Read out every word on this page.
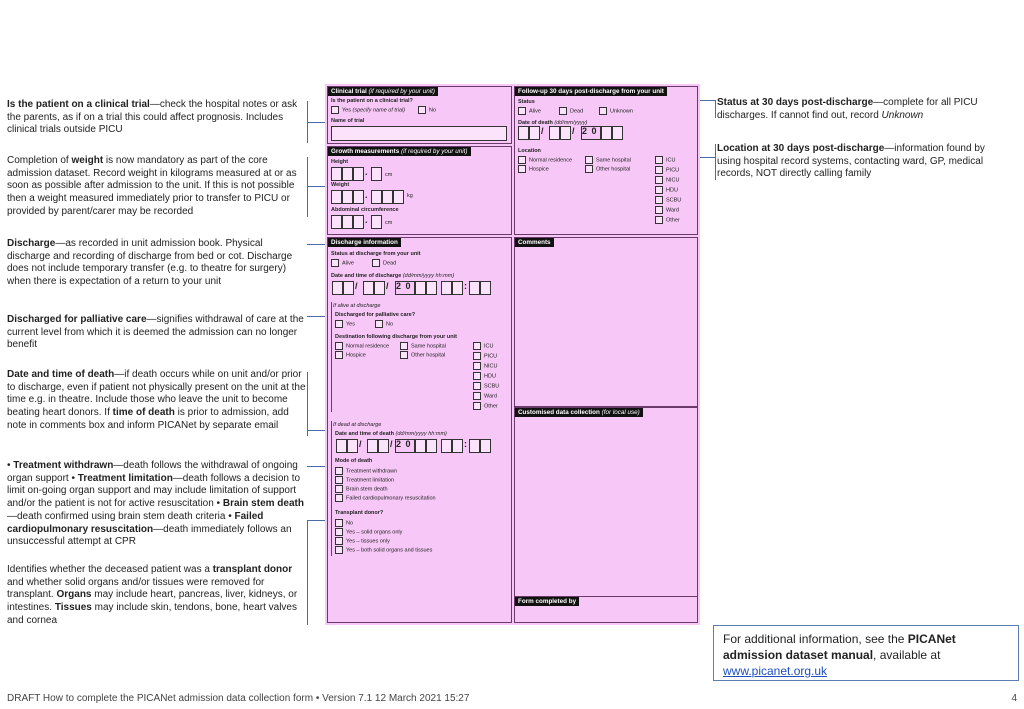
Is the patient on a clinical trial—check the hospital notes or ask the parents, as if on a trial this could affect prognosis. Includes clinical trials outside PICU
Completion of weight is now mandatory as part of the core admission dataset. Record weight in kilograms measured at or as soon as possible after admission to the unit. If this is not possible then a weight measured immediately prior to transfer to PICU or provided by parent/carer may be recorded
Discharge—as recorded in unit admission book. Physical discharge and recording of discharge from bed or cot. Discharge does not include temporary transfer (e.g. to theatre for surgery) when there is expectation of a return to your unit
Discharged for palliative care—signifies withdrawal of care at the current level from which it is deemed the admission can no longer benefit
Date and time of death—if death occurs while on unit and/or prior to discharge, even if patient not physically present on the unit at the time e.g. in theatre. Include those who leave the unit to become beating heart donors. If time of death is prior to admission, add note in comments box and inform PICANet by separate email
• Treatment withdrawn—death follows the withdrawal of ongoing organ support • Treatment limitation—death follows a decision to limit on-going organ support and may include limitation of support and/or the patient is not for active resuscitation • Brain stem death—death confirmed using brain stem death criteria • Failed cardiopulmonary resuscitation—death immediately follows an unsuccessful attempt at CPR
Identifies whether the deceased patient was a transplant donor and whether solid organs and/or tissues were removed for transplant. Organs may include heart, pancreas, liver, kidneys, or intestines. Tissues may include skin, tendons, bone, heart valves and cornea
Status at 30 days post-discharge—complete for all PICU discharges. If cannot find out, record Unknown
Location at 30 days post-discharge—information found by using hospital record systems, contacting ward, GP, medical records, NOT directly calling family
Clinical trial (if required by your unit)
Is the patient on a clinical trial?
Yes (specify name of trial)	No
Name of trial
Follow-up 30 days post-discharge from your unit
Status
Alive	Dead	Unknown
Date of death (dd/mm/yyyy)
/	/ 2 0
Growth measurements (if required by your unit)
Height
.	cm
Weight
.	kg
Abdominal circumference
.	cm
Location
Normal residence	Same hospital
Hospice	Other hospital
ICU
PICU
NICU
HDU
SCBU
Ward
Other
Discharge information
Status at discharge from your unit
Alive	Dead
Date and time of discharge (dd/mm/yyyy hh:mm)
If alive at discharge
Discharged for palliative care?
Yes	No
Destination following discharge from your unit
Normal residence	Same hospital
Hospice	Other hospital
ICU
PICU
NICU
HDU
SCBU
Ward
Other
If dead at discharge
Date and time of death (dd/mm/yyyy hh:mm)
Mode of death
Treatment withdrawn
Treatment limitation
Brain stem death
Failed cardiopulmonary resuscitation
Transplant donor?
No
Yes – solid organs only
Yes – tissues only
Yes – both solid organs and tissues
/	/ 2 0	:
/	/ 2 0	:
Comments
Customised data collection (for local use)
Form completed by
For additional information, see the PICANet admission dataset manual, available at
www.picanet.org.uk
DRAFT How to complete the PICANet admission data collection form • Version 7.1 12 March 2021 15:27	4
